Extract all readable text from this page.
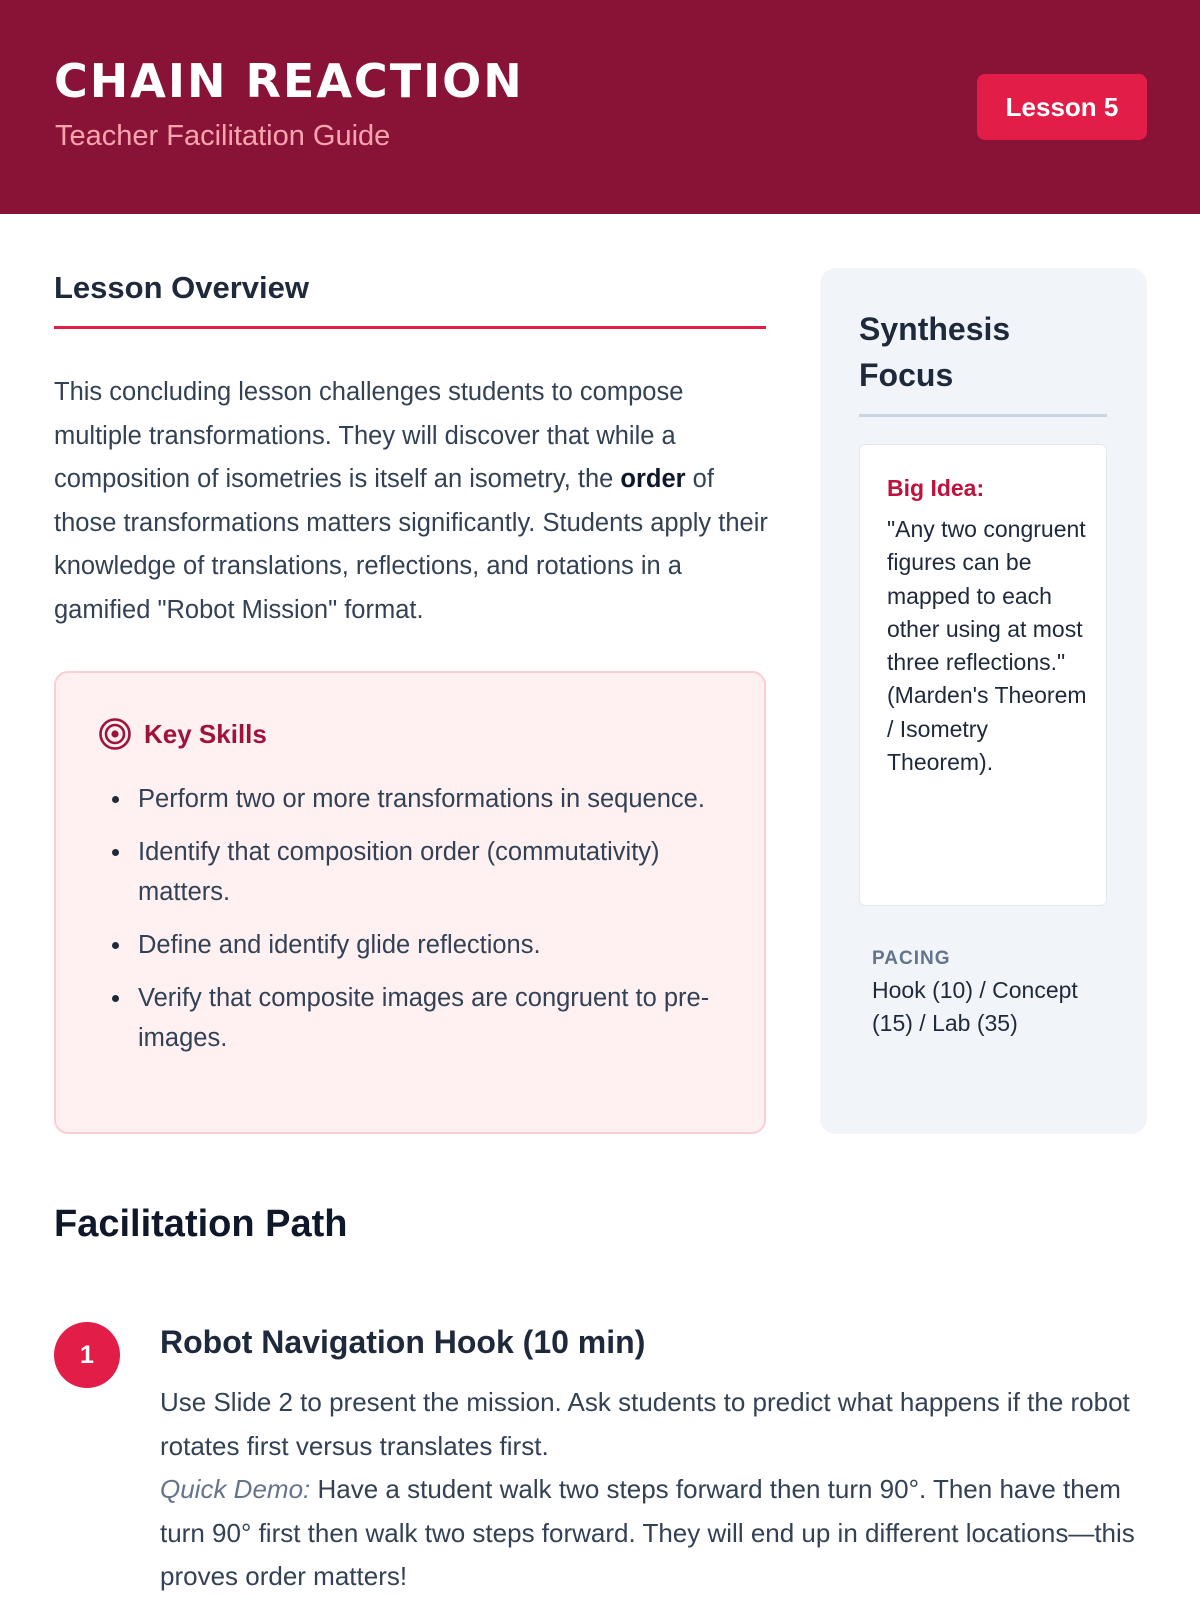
CHAIN REACTION
Teacher Facilitation Guide
Lesson 5
Lesson Overview

This concluding lesson challenges students to compose multiple transformations. They will discover that while a composition of isometries is itself an isometry, the order of those transformations matters significantly. Students apply their knowledge of translations, reflections, and rotations in a gamified "Robot Mission" format.

Key Skills
Perform two or more transformations in sequence.
Identify that composition order (commutativity) matters.
Define and identify glide reflections.
Verify that composite images are congruent to pre-images.
Synthesis Focus
Big Idea:
"Any two congruent figures can be mapped to each other using at most three reflections." (Marden's Theorem / Isometry Theorem).
PACING
Hook (10) / Concept (15) / Lab (35)
Facilitation Path
1	Robot Navigation Hook (10 min)
Use Slide 2 to present the mission. Ask students to predict what happens if the robot rotates first versus translates first.
Quick Demo: Have a student walk two steps forward then turn 90°. Then have them turn 90° first then walk two steps forward. They will end up in different locations—this proves order matters!
